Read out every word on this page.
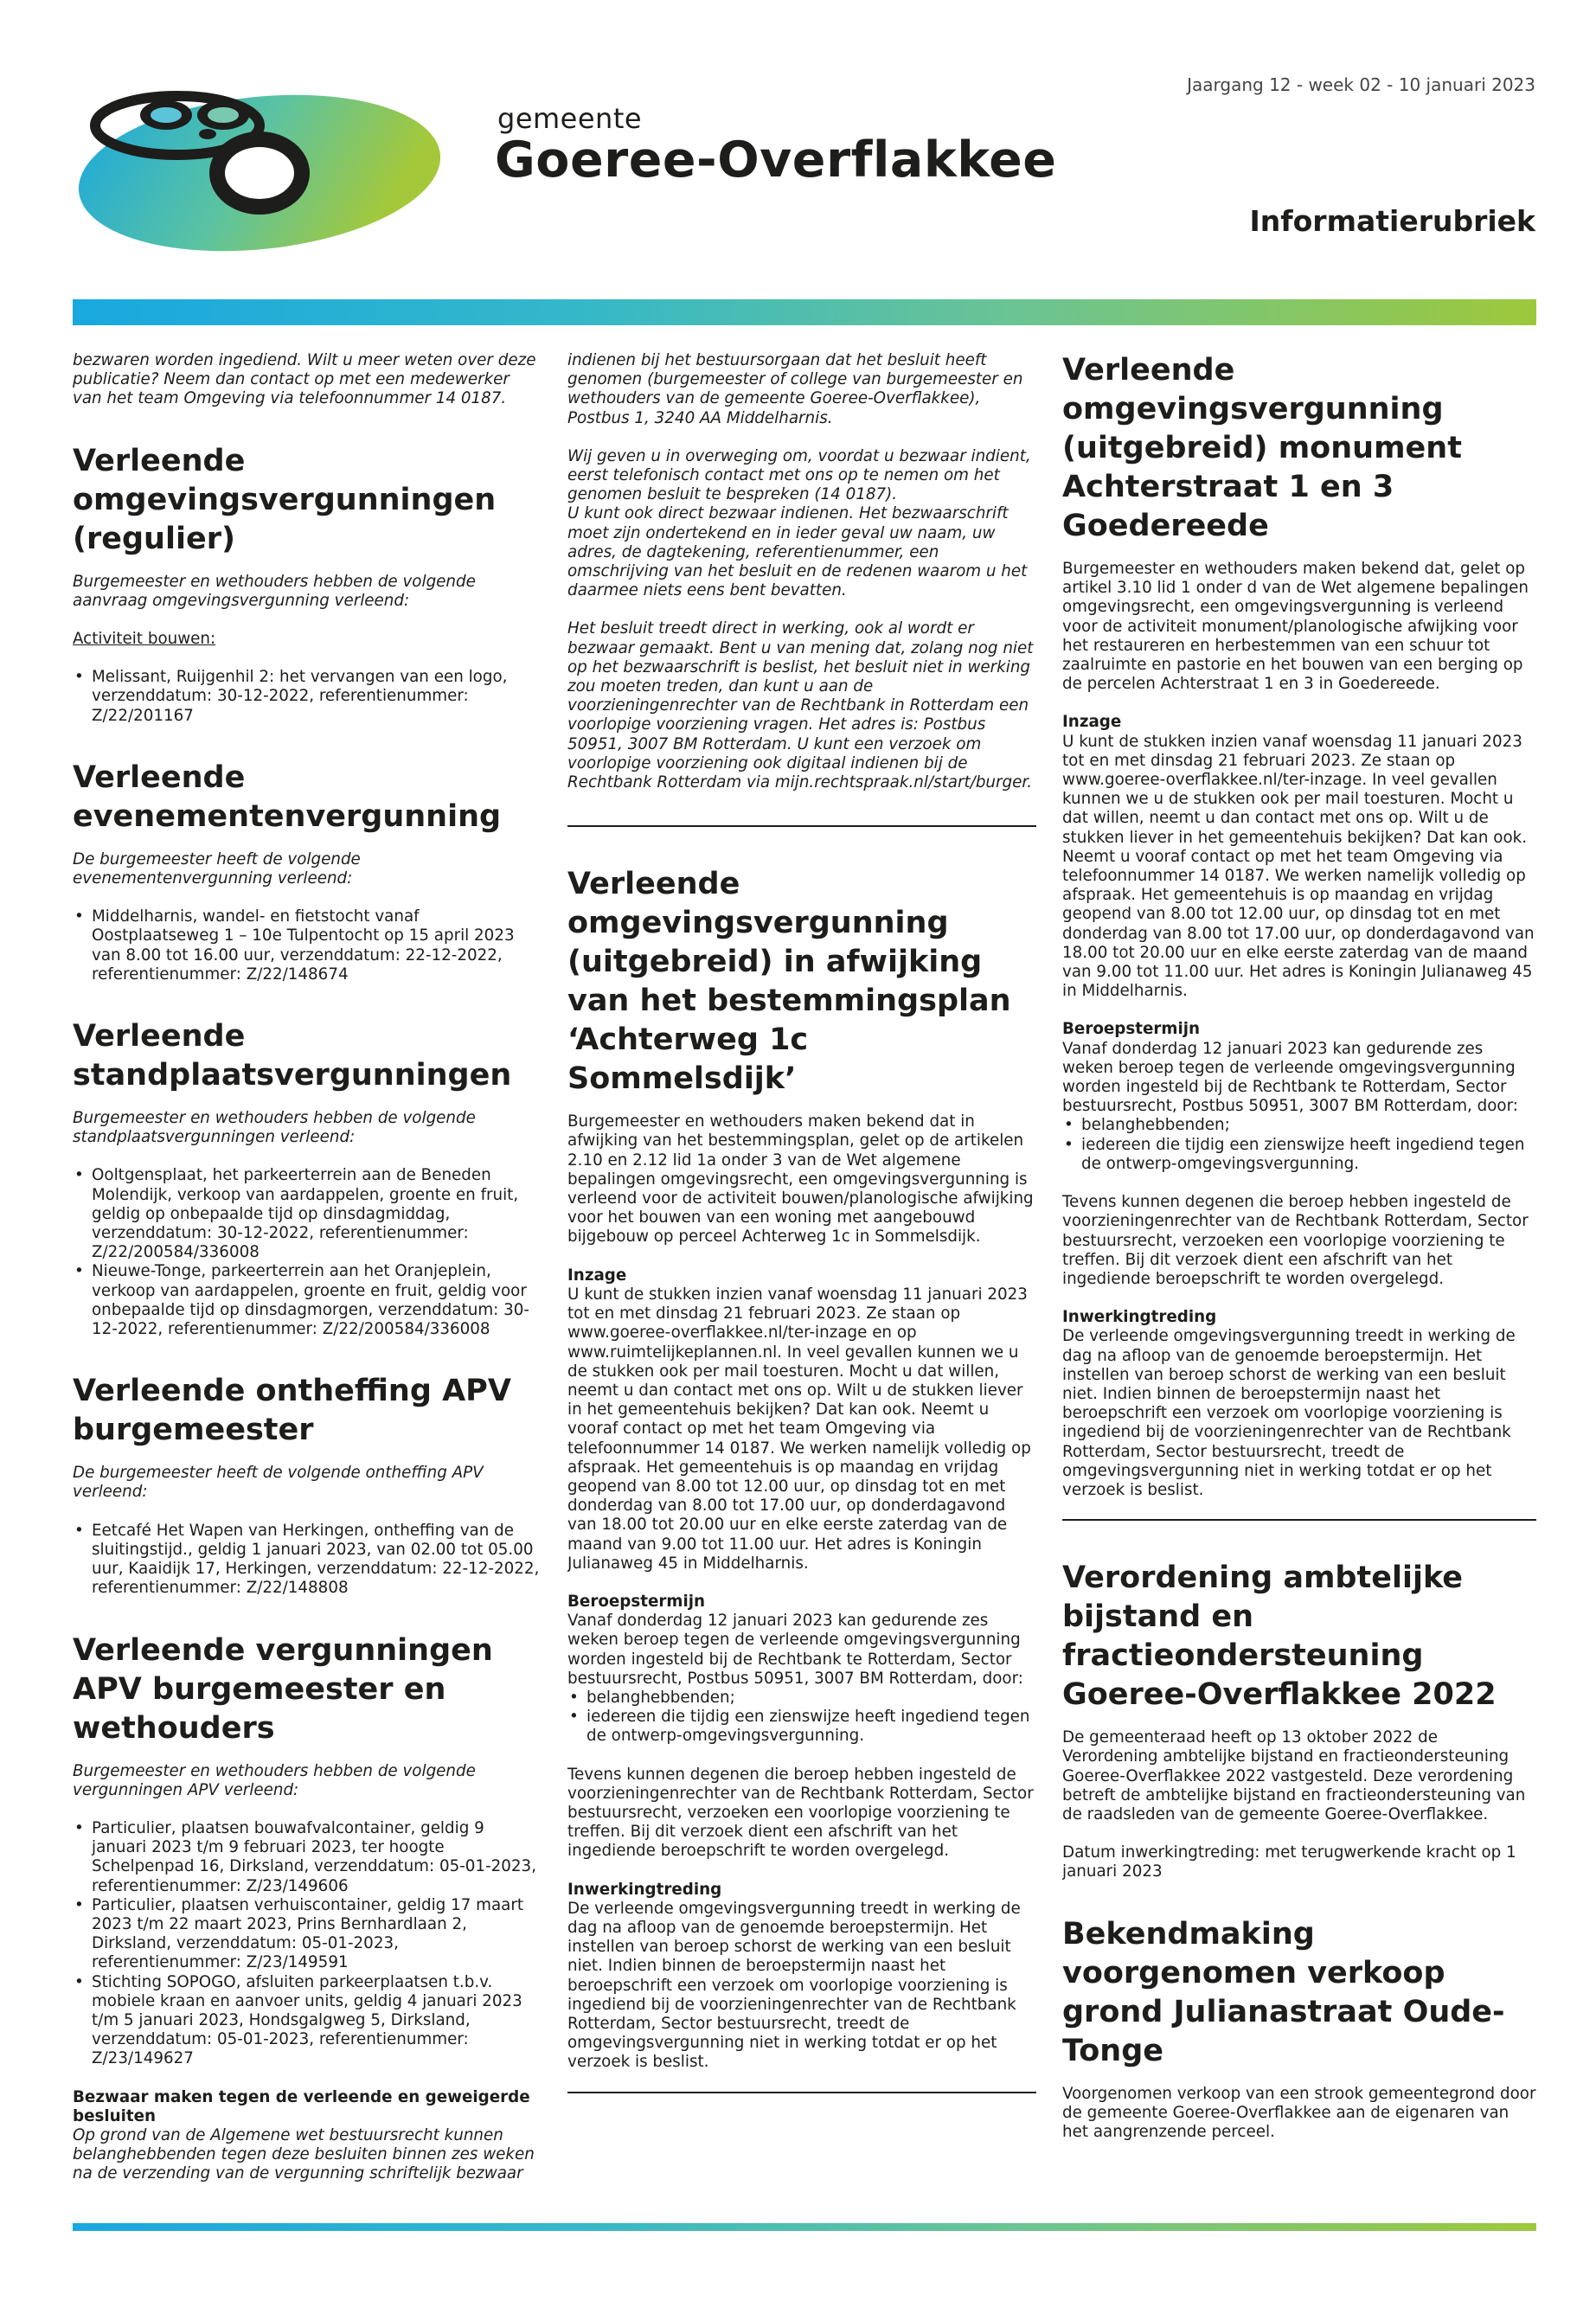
gemeente
Goeree-Overflakkee
Jaargang 12 - week 02 - 10 januari 2023
Informatierubriek

bezwaren worden ingediend. Wilt u meer weten over deze publicatie? Neem dan contact op met een medewerker van het team Omgeving via telefoonnummer 14 0187.

Verleende omgevingsvergunningen (regulier)

Burgemeester en wethouders hebben de volgende aanvraag omgevingsvergunning verleend:

Activiteit bouwen:

• Melissant, Ruijgenhil 2: het vervangen van een logo, verzenddatum: 30-12-2022, referentienummer: Z/22/201167
Verleende evenementenvergunning

De burgemeester heeft de volgende evenementenvergunning verleend:

• Middelharnis, wandel- en fietstocht vanaf Oostplaatseweg 1 – 10e Tulpentocht op 15 april 2023 van 8.00 tot 16.00 uur, verzenddatum: 22-12-2022, referentienummer: Z/22/148674
Verleende standplaatsvergunningen

Burgemeester en wethouders hebben de volgende standplaatsvergunningen verleend:

• Ooltgensplaat, het parkeerterrein aan de Beneden Molendijk, verkoop van aardappelen, groente en fruit, geldig op onbepaalde tijd op dinsdagmiddag, verzenddatum: 30-12-2022, referentienummer: Z/22/200584/336008
• Nieuwe-Tonge, parkeerterrein aan het Oranjeplein, verkoop van aardappelen, groente en fruit, geldig voor onbepaalde tijd op dinsdagmorgen, verzenddatum: 30-12-2022, referentienummer: Z/22/200584/336008
Verleende ontheffing APV burgemeester

De burgemeester heeft de volgende ontheffing APV verleend:

• Eetcafé Het Wapen van Herkingen, ontheffing van de sluitingstijd., geldig 1 januari 2023, van 02.00 tot 05.00 uur, Kaaidijk 17, Herkingen, verzenddatum: 22-12-2022, referentienummer: Z/22/148808
Verleende vergunningen APV burgemeester en wethouders

Burgemeester en wethouders hebben de volgende vergunningen APV verleend:

• Particulier, plaatsen bouwafvalcontainer, geldig 9 januari 2023 t/m 9 februari 2023, ter hoogte Schelpenpad 16, Dirksland, verzenddatum: 05-01-2023, referentienummer: Z/23/149606
• Particulier, plaatsen verhuiscontainer, geldig 17 maart 2023 t/m 22 maart 2023, Prins Bernhardlaan 2, Dirksland, verzenddatum: 05-01-2023, referentienummer: Z/23/149591
• Stichting SOPOGO, afsluiten parkeerplaatsen t.b.v. mobiele kraan en aanvoer units, geldig 4 januari 2023 t/m 5 januari 2023, Hondsgalgweg 5, Dirksland, verzenddatum: 05-01-2023, referentienummer: Z/23/149627
Bezwaar maken tegen de verleende en geweigerde besluiten

Op grond van de Algemene wet bestuursrecht kunnen belanghebbenden tegen deze besluiten binnen zes weken na de verzending van de vergunning schriftelijk bezwaar

indienen bij het bestuursorgaan dat het besluit heeft genomen (burgemeester of college van burgemeester en wethouders van de gemeente Goeree-Overflakkee), Postbus 1, 3240 AA Middelharnis.

Wij geven u in overweging om, voordat u bezwaar indient, eerst telefonisch contact met ons op te nemen om het genomen besluit te bespreken (14 0187).

U kunt ook direct bezwaar indienen. Het bezwaarschrift moet zijn ondertekend en in ieder geval uw naam, uw adres, de dagtekening, referentienummer, een omschrijving van het besluit en de redenen waarom u het daarmee niets eens bent bevatten.

Het besluit treedt direct in werking, ook al wordt er bezwaar gemaakt. Bent u van mening dat, zolang nog niet op het bezwaarschrift is beslist, het besluit niet in werking zou moeten treden, dan kunt u aan de voorzieningenrechter van de Rechtbank in Rotterdam een voorlopige voorziening vragen. Het adres is: Postbus 50951, 3007 BM Rotterdam. U kunt een verzoek om voorlopige voorziening ook digitaal indienen bij de Rechtbank Rotterdam via mijn.rechtspraak.nl/start/burger.

Verleende omgevingsvergunning (uitgebreid) in afwijking van het bestemmingsplan ‘Achterweg 1c Sommelsdijk’

Burgemeester en wethouders maken bekend dat in afwijking van het bestemmingsplan, gelet op de artikelen 2.10 en 2.12 lid 1a onder 3 van de Wet algemene bepalingen omgevingsrecht, een omgevingsvergunning is verleend voor de activiteit bouwen/planologische afwijking voor het bouwen van een woning met aangebouwd bijgebouw op perceel Achterweg 1c in Sommelsdijk.

Inzage

U kunt de stukken inzien vanaf woensdag 11 januari 2023 tot en met dinsdag 21 februari 2023. Ze staan op www.goeree-overflakkee.nl/ter-inzage en op www.ruimtelijkeplannen.nl. In veel gevallen kunnen we u de stukken ook per mail toesturen. Mocht u dat willen, neemt u dan contact met ons op. Wilt u de stukken liever in het gemeentehuis bekijken? Dat kan ook. Neemt u vooraf contact op met het team Omgeving via telefoonnummer 14 0187. We werken namelijk volledig op afspraak. Het gemeentehuis is op maandag en vrijdag geopend van 8.00 tot 12.00 uur, op dinsdag tot en met donderdag van 8.00 tot 17.00 uur, op donderdagavond van 18.00 tot 20.00 uur en elke eerste zaterdag van de maand van 9.00 tot 11.00 uur. Het adres is Koningin Julianaweg 45 in Middelharnis.

Beroepstermijn

Vanaf donderdag 12 januari 2023 kan gedurende zes weken beroep tegen de verleende omgevingsvergunning worden ingesteld bij de Rechtbank te Rotterdam, Sector bestuursrecht, Postbus 50951, 3007 BM Rotterdam, door:

• belanghebbenden;
• iedereen die tijdig een zienswijze heeft ingediend tegen de ontwerp-omgevingsvergunning.

Tevens kunnen degenen die beroep hebben ingesteld de voorzieningenrechter van de Rechtbank Rotterdam, Sector bestuursrecht, verzoeken een voorlopige voorziening te treffen. Bij dit verzoek dient een afschrift van het ingediende beroepschrift te worden overgelegd.

Inwerkingtreding

De verleende omgevingsvergunning treedt in werking de dag na afloop van de genoemde beroepstermijn. Het instellen van beroep schorst de werking van een besluit niet. Indien binnen de beroepstermijn naast het beroepschrift een verzoek om voorlopige voorziening is ingediend bij de voorzieningenrechter van de Rechtbank Rotterdam, Sector bestuursrecht, treedt de omgevingsvergunning niet in werking totdat er op het verzoek is beslist.

Verleende omgevingsvergunning (uitgebreid) monument Achterstraat 1 en 3 Goedereede

Burgemeester en wethouders maken bekend dat, gelet op artikel 3.10 lid 1 onder d van de Wet algemene bepalingen omgevingsrecht, een omgevingsvergunning is verleend voor de activiteit monument/planologische afwijking voor het restaureren en herbestemmen van een schuur tot zaalruimte en pastorie en het bouwen van een berging op de percelen Achterstraat 1 en 3 in Goedereede.

Inzage

U kunt de stukken inzien vanaf woensdag 11 januari 2023 tot en met dinsdag 21 februari 2023. Ze staan op www.goeree-overflakkee.nl/ter-inzage. In veel gevallen kunnen we u de stukken ook per mail toesturen. Mocht u dat willen, neemt u dan contact met ons op. Wilt u de stukken liever in het gemeentehuis bekijken? Dat kan ook. Neemt u vooraf contact op met het team Omgeving via telefoonnummer 14 0187. We werken namelijk volledig op afspraak. Het gemeentehuis is op maandag en vrijdag geopend van 8.00 tot 12.00 uur, op dinsdag tot en met donderdag van 8.00 tot 17.00 uur, op donderdagavond van 18.00 tot 20.00 uur en elke eerste zaterdag van de maand van 9.00 tot 11.00 uur. Het adres is Koningin Julianaweg 45 in Middelharnis.

Beroepstermijn

Vanaf donderdag 12 januari 2023 kan gedurende zes weken beroep tegen de verleende omgevingsvergunning worden ingesteld bij de Rechtbank te Rotterdam, Sector bestuursrecht, Postbus 50951, 3007 BM Rotterdam, door:

• belanghebbenden;
• iedereen die tijdig een zienswijze heeft ingediend tegen de ontwerp-omgevingsvergunning.

Tevens kunnen degenen die beroep hebben ingesteld de voorzieningenrechter van de Rechtbank Rotterdam, Sector bestuursrecht, verzoeken een voorlopige voorziening te treffen. Bij dit verzoek dient een afschrift van het ingediende beroepschrift te worden overgelegd.

Inwerkingtreding

De verleende omgevingsvergunning treedt in werking de dag na afloop van de genoemde beroepstermijn. Het instellen van beroep schorst de werking van een besluit niet. Indien binnen de beroepstermijn naast het beroepschrift een verzoek om voorlopige voorziening is ingediend bij de voorzieningenrechter van de Rechtbank Rotterdam, Sector bestuursrecht, treedt de omgevingsvergunning niet in werking totdat er op het verzoek is beslist.

Verordening ambtelijke bijstand en fractieondersteuning Goeree-Overflakkee 2022

De gemeenteraad heeft op 13 oktober 2022 de Verordening ambtelijke bijstand en fractieondersteuning Goeree-Overflakkee 2022 vastgesteld. Deze verordening betreft de ambtelijke bijstand en fractieondersteuning van de raadsleden van de gemeente Goeree-Overflakkee.

Datum inwerkingtreding: met terugwerkende kracht op 1 januari 2023

Bekendmaking voorgenomen verkoop grond Julianastraat Oude-Tonge

Voorgenomen verkoop van een strook gemeentegrond door de gemeente Goeree-Overflakkee aan de eigenaren van het aangrenzende perceel.
